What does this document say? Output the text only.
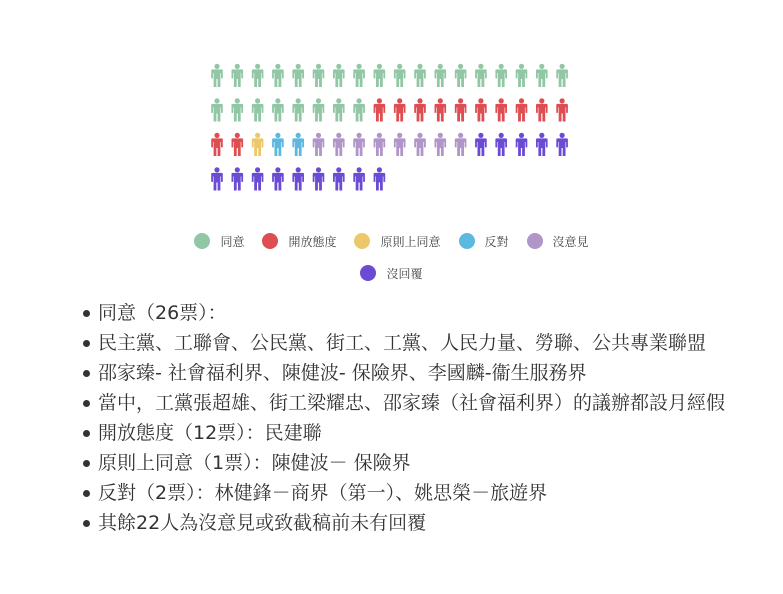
同意	開放態度	原則上同意	反對	沒意見
沒回覆
同意（26票）：
民主黨、工聯會、公民黨、街工、工黨、人民力量、勞聯、公共專業聯盟
邵家臻- 社會福利界、陳健波- 保險界、李國麟-衞生服務界
當中，工黨張超雄、街工梁耀忠、邵家臻（社會福利界）的議辦都設月經假
開放態度（12票）：民建聯
原則上同意（1票）：陳健波－ 保險界
反對（2票）：林健鋒－商界（第一）、姚思榮－旅遊界
其餘22人為沒意見或致截稿前未有回覆
